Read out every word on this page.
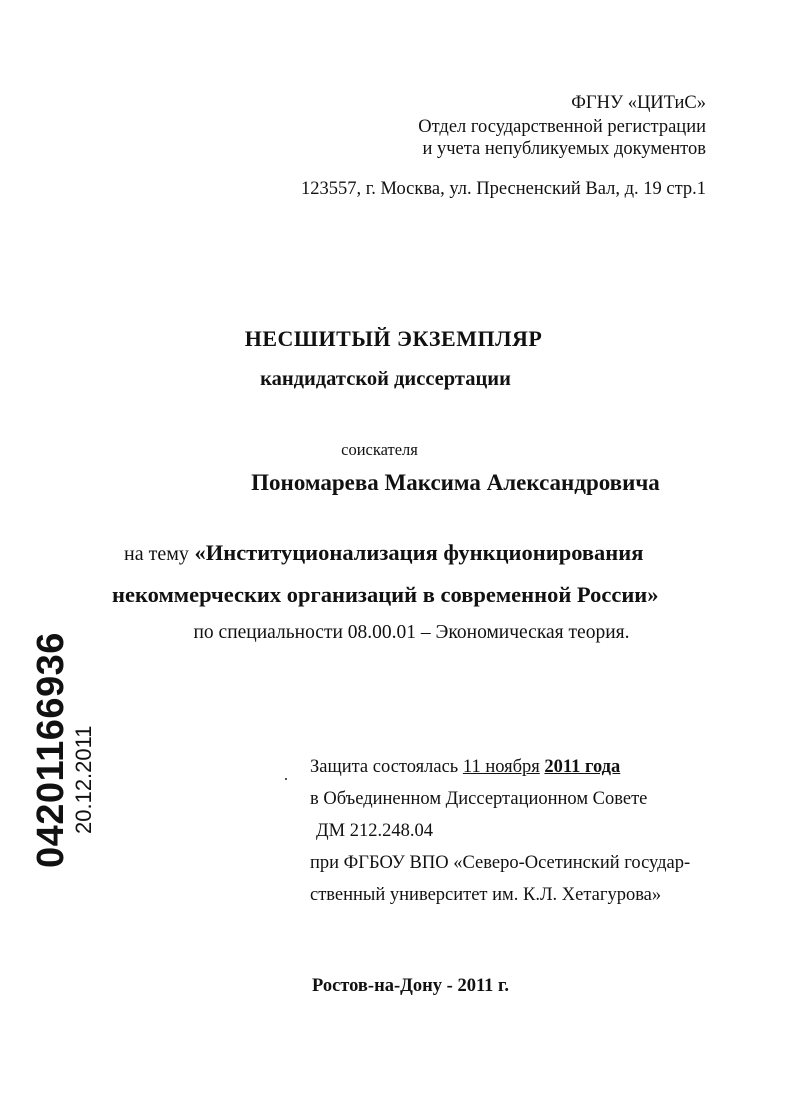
ФГНУ «ЦИТиС»
Отдел государственной регистрации
и учета непубликуемых документов
123557, г. Москва, ул. Пресненский Вал, д. 19 стр.1
НЕСШИТЫЙ ЭКЗЕМПЛЯР
кандидатской диссертации
соискателя
Пономарева Максима Александровича
на тему «Институционализация функционирования
некоммерческих организаций в современной России»
по специальности 08.00.01 – Экономическая теория.
Защита состоялась 11 ноября 2011 года
в Объединенном Диссертационном Совете
ДМ 212.248.04
при ФГБОУ ВПО «Северо-Осетинский государ-
ственный университет им. К.Л. Хетагурова»
Ростов-на-Дону - 2011 г.
04201166936 20.12.2011
